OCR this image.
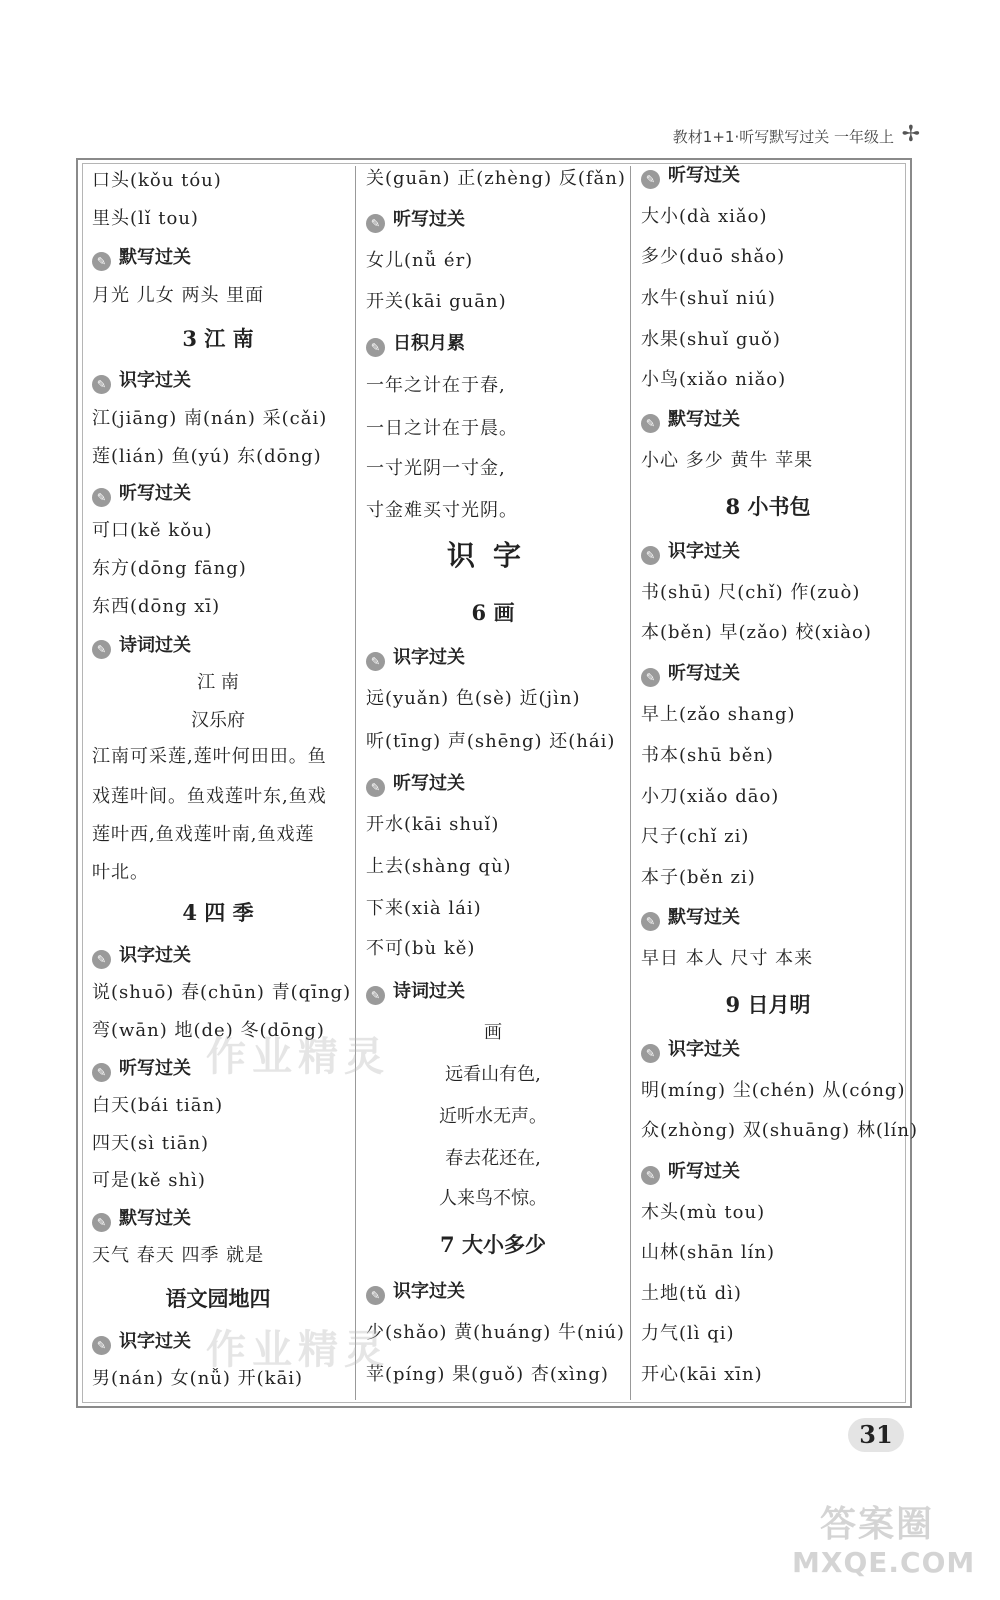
教材1+1·听写默写过关 一年级上 ✢
口头(kǒu tóu)
里头(lǐ tou)
✎ 默写过关
月光 儿女 两头 里面
3 江 南
✎ 识字过关
江(jiāng) 南(nán) 采(cǎi)
莲(lián) 鱼(yú) 东(dōng)
✎ 听写过关
可口(kě kǒu)
东方(dōng fāng)
东西(dōng xī)
✎ 诗词过关
江 南
汉乐府
江南可采莲,莲叶何田田。鱼
戏莲叶间。鱼戏莲叶东,鱼戏
莲叶西,鱼戏莲叶南,鱼戏莲
叶北。
4 四 季
✎ 识字过关
说(shuō) 春(chūn) 青(qīng)
弯(wān) 地(de) 冬(dōng)
✎ 听写过关
白天(bái tiān)
四天(sì tiān)
可是(kě shì)
✎ 默写过关
天气 春天 四季 就是
语文园地四
✎ 识字过关
男(nán) 女(nǚ) 开(kāi)
关(guān) 正(zhèng) 反(fǎn)
✎ 听写过关
女儿(nǚ ér)
开关(kāi guān)
✎ 日积月累
一年之计在于春,
一日之计在于晨。
一寸光阴一寸金,
寸金难买寸光阴。
识字
6 画
✎ 识字过关
远(yuǎn) 色(sè) 近(jìn)
听(tīng) 声(shēng) 还(hái)
✎ 听写过关
开水(kāi shuǐ)
上去(shàng qù)
下来(xià lái)
不可(bù kě)
✎ 诗词过关
画
远看山有色,
近听水无声。
春去花还在,
人来鸟不惊。
7 大小多少
✎ 识字过关
少(shǎo) 黄(huáng) 牛(niú)
苹(píng) 果(guǒ) 杏(xìng)
✎ 听写过关
大小(dà xiǎo)
多少(duō shǎo)
水牛(shuǐ niú)
水果(shuǐ guǒ)
小鸟(xiǎo niǎo)
✎ 默写过关
小心 多少 黄牛 苹果
8 小书包
✎ 识字过关
书(shū) 尺(chǐ) 作(zuò)
本(běn) 早(zǎo) 校(xiào)
✎ 听写过关
早上(zǎo shang)
书本(shū běn)
小刀(xiǎo dāo)
尺子(chǐ zi)
本子(běn zi)
✎ 默写过关
早日 本人 尺寸 本来
9 日月明
✎ 识字过关
明(míng) 尘(chén) 从(cóng)
众(zhòng) 双(shuāng) 林(lín)
✎ 听写过关
木头(mù tou)
山林(shān lín)
土地(tǔ dì)
力气(lì qi)
开心(kāi xīn)
作业精灵
作业精灵
31
答案圈
MXQE.COM
